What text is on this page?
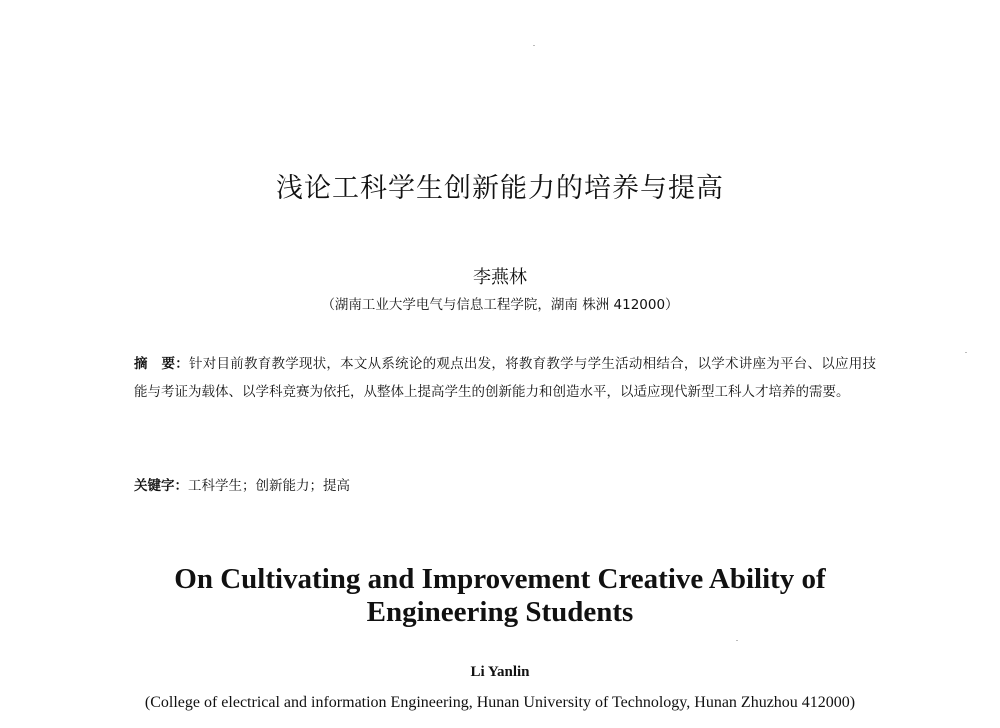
浅论工科学生创新能力的培养与提高
李燕林
（湖南工业大学电气与信息工程学院，湖南 株洲 412000）
摘　要：针对目前教育教学现状，本文从系统论的观点出发，将教育教学与学生活动相结合，以学术讲座为平台、以应用技能与考证为载体、以学科竞赛为依托，从整体上提高学生的创新能力和创造水平，以适应现代新型工科人才培养的需要。
关键字：工科学生；创新能力；提高
On Cultivating and Improvement Creative Ability of
Engineering Students
Li Yanlin
(College of electrical and information Engineering, Hunan University of Technology, Hunan Zhuzhou 412000)
